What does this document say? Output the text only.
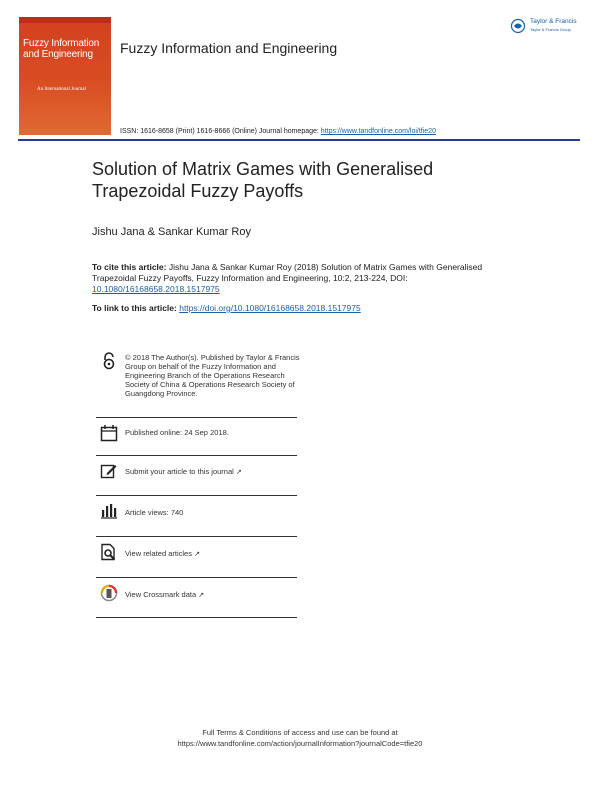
Fuzzy Information and Engineering
An International Journal
Fuzzy Information and Engineering
ISSN: 1616-8658 (Print) 1616-8666 (Online) Journal homepage: https://www.tandfonline.com/loi/tfie20
Taylor & Francis
Taylor & Francis Group
Solution of Matrix Games with Generalised Trapezoidal Fuzzy Payoffs
Jishu Jana & Sankar Kumar Roy
To cite this article: Jishu Jana & Sankar Kumar Roy (2018) Solution of Matrix Games with Generalised Trapezoidal Fuzzy Payoffs, Fuzzy Information and Engineering, 10:2, 213-224, DOI: 10.1080/16168658.2018.1517975
To link to this article: https://doi.org/10.1080/16168658.2018.1517975
© 2018 The Author(s). Published by Taylor & Francis Group on behalf of the Fuzzy Information and Engineering Branch of the Operations Research Society of China & Operations Research Society of Guangdong Province.
Published online: 24 Sep 2018.
Submit your article to this journal ↗
Article views: 740
View related articles ↗
View Crossmark data ↗
Full Terms & Conditions of access and use can be found at
https://www.tandfonline.com/action/journalInformation?journalCode=tfie20
